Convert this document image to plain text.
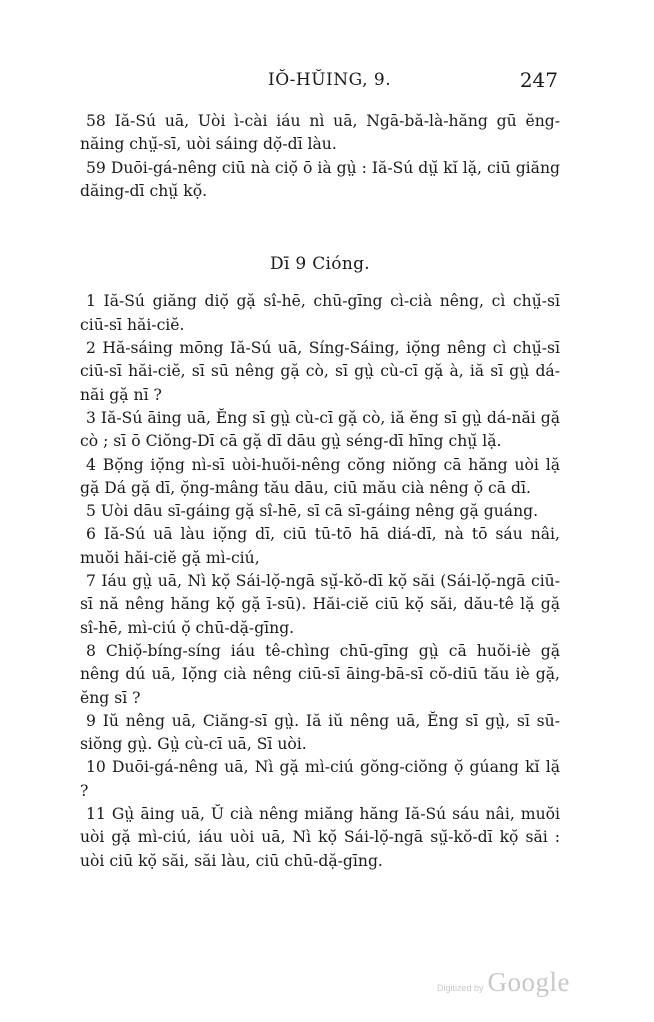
IŎ-HŬING, 9.	247

58 Iă-Sú uā, Uòi ì-cài iáu nì uā, Ngā-bă-là-hăng gū ĕng-năing chṳ̆-sī, uòi sáing dọ̆-dī làu.

59 Duōi-gá-nêng ciū nà ciọ̆ ō ià gṳ̀ : Iă-Sú dṳ̆ kĭ lặ, ciū giăng dăing-dī chṳ̆ kọ̆.

Dī 9 Cióng.

1 Iă-Sú giăng diọ̆ gặ sî-hē, chū-gīng cì-cià nêng, cì chṳ̆-sī ciū-sī hăi-ciĕ.

2 Hă-sáing mōng Iă-Sú uā, Síng-Sáing, iọ̆ng nêng cì chṳ̆-sī ciū-sī hăi-ciĕ, sī sū nêng gặ cò, sī gṳ̀ cù-cī gặ à, iă sī gṳ̀ dá-năi gặ nī ?

3 Iă-Sú āing uā, Ĕng sī gṳ̀ cù-cī gặ cò, iă ĕng sī gṳ̀ dá-năi gặ cò ; sī ō Ciŏng-Dī cā gặ dī dāu gṳ̀ séng-dī hīng chṳ̆ lặ.

4 Bọ̆ng iọ̆ng nì-sī uòi-huŏi-nêng cŏng niŏng cā hăng uòi lặ gặ Dá gặ dī, ọ̆ng-mâng tău dāu, ciū mău cià nêng ọ̆ cā dī.

5 Uòi dāu sī-gáing gặ sî-hē, sī cā sī-gáing nêng gặ guáng.

6 Iă-Sú uā làu iọ̆ng dī, ciū tū-tō hā diá-dī, nà tō sáu nâi, muŏi hăi-ciĕ gặ mì-ciú,

7 Iáu gṳ̀ uā, Nì kọ̆ Sái-lọ̆-ngā sṳ̆-kŏ-dī kọ̆ săi (Sái-lọ̆-ngā ciū-sī nă nêng hăng kọ̆ gặ ī-sū). Hăi-ciĕ ciū kọ̆ săi, dău-tê lặ gặ sî-hē, mì-ciú ọ̆ chū-dặ-gīng.

8 Chiọ̆-bíng-síng iáu tê-chìng chū-gīng gṳ̀ cā huŏi-iè gặ nêng dú uā, Iọ̆ng cià nêng ciū-sī āing-bā-sī cŏ-diū tău iè gặ, ĕng sī ?

9 Iŭ nêng uā, Ciăng-sī gṳ̀. Iă iŭ nêng uā, Ĕng sī gṳ̀, sī sū-siŏng gṳ̀. Gṳ̀ cù-cī uā, Sī uòi.

10 Duōi-gá-nêng uā, Nì gặ mì-ciú gŏng-ciŏng ọ̆ gúang kĭ lặ ?

11 Gṳ̀ āing uā, Ŭ cià nêng miăng hăng Iă-Sú sáu nâi, muŏi uòi gặ mì-ciú, iáu uòi uā, Nì kọ̆ Sái-lọ̆-ngā sṳ̆-kŏ-dī kọ̆ săi : uòi ciū kọ̆ săi, săi làu, ciū chū-dặ-gīng.

Digitized by Google
